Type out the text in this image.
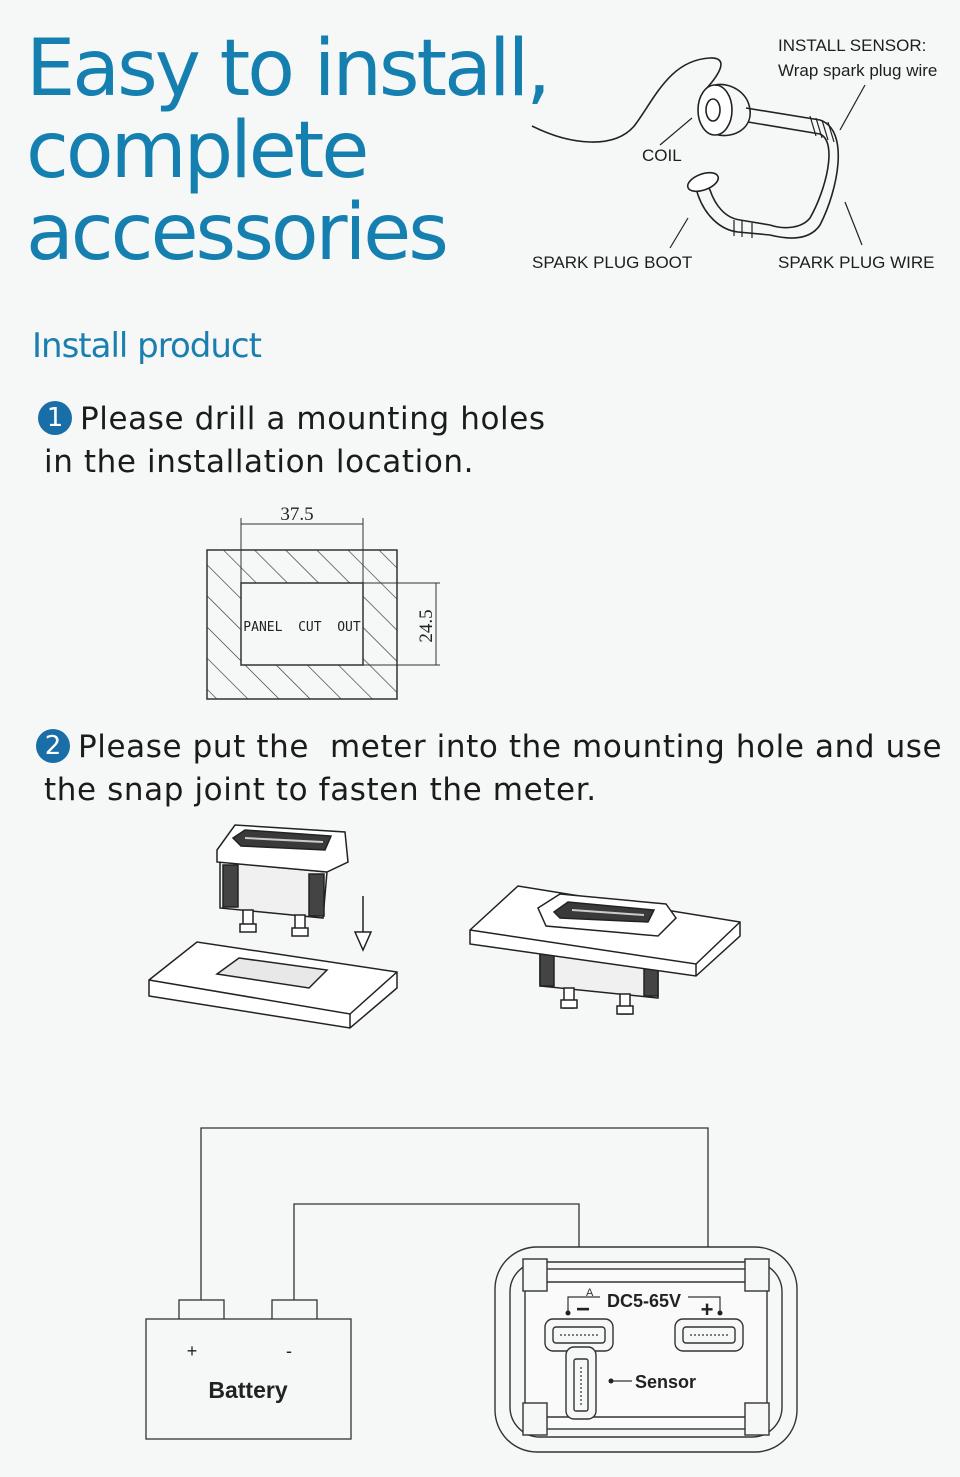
Easy to install,
complete
accessories
INSTALL SENSOR:
Wrap spark plug wire
COIL
SPARK PLUG BOOT	SPARK PLUG WIRE
Install product
1 Please drill a mounting holes
in the installation location.
37.5
24.5
PANEL  CUT  OUT
2 Please put the  meter into the mounting hole and use
the snap joint to fasten the meter.
+	-
Battery
A DC5-65V
−	+
Sensor
